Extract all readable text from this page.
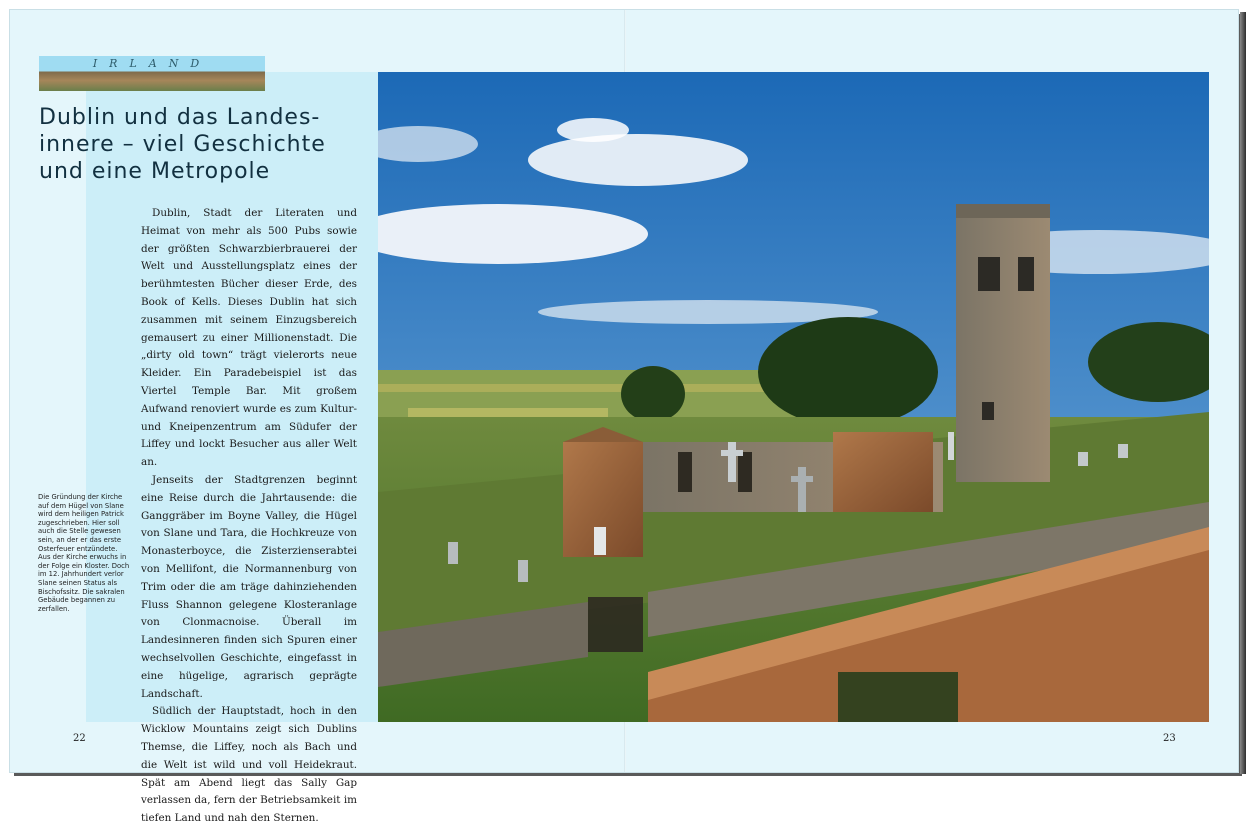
IRLAND
Dublin und das Landes-
innere – viel Geschichte
und eine Metropole

Dublin, Stadt der Literaten und Heimat von mehr als 500 Pubs sowie der größten Schwarzbierbrauerei der Welt und Ausstellungsplatz eines der berühmtesten Bücher dieser Erde, des Book of Kells. Dieses Dublin hat sich zusammen mit seinem Einzugsbereich gemausert zu einer Millionenstadt. Die „dirty old town“ trägt vielerorts neue Kleider. Ein Paradebeispiel ist das Viertel Temple Bar. Mit großem Aufwand renoviert wurde es zum Kultur- und Kneipenzentrum am Südufer der Liffey und lockt Besucher aus aller Welt an.

Jenseits der Stadtgrenzen beginnt eine Reise durch die Jahrtausende: die Ganggräber im Boyne Valley, die Hügel von Slane und Tara, die Hochkreuze von Monasterboyce, die Zisterzienserabtei von Mellifont, die Normannenburg von Trim oder die am träge dahinziehenden Fluss Shannon gelegene Klosteranlage von Clonmacnoise. Überall im Landesinneren finden sich Spuren einer wechselvollen Geschichte, eingefasst in eine hügelige, agrarisch geprägte Landschaft.

Südlich der Hauptstadt, hoch in den Wicklow Mountains zeigt sich Dublins Themse, die Liffey, noch als Bach und die Welt ist wild und voll Heidekraut. Spät am Abend liegt das Sally Gap verlassen da, fern der Betriebsamkeit im tiefen Land und nah den Sternen.

Die Gründung der Kirche auf dem Hügel von Slane wird dem heiligen Patrick zugeschrieben. Hier soll auch die Stelle gewesen sein, an der er das erste Osterfeuer entzündete. Aus der Kirche erwuchs in der Folge ein Kloster. Doch im 12. Jahrhundert verlor Slane seinen Status als Bischofssitz. Die sakralen Gebäude begannen zu zerfallen.
22	23
